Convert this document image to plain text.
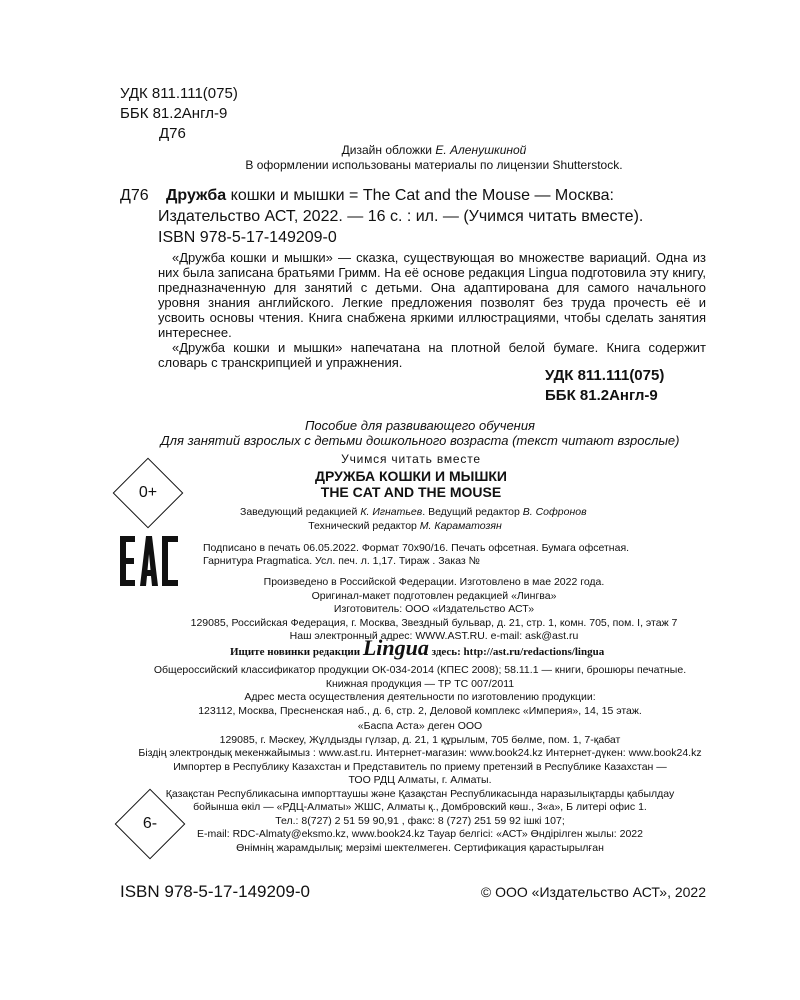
УДК 811.111(075)
ББК 81.2Англ-9
Д76
Дизайн обложки Е. Аленушкиной
В оформлении использованы материалы по лицензии Shutterstock.
Д76 Дружба кошки и мышки = The Cat and the Mouse — Москва:
Издательство АСТ, 2022. — 16 с. : ил. — (Учимся читать вместе).
ISBN 978-5-17-149209-0

«Дружба кошки и мышки» — сказка, существующая во множестве вариаций. Одна из них была записана братьями Гримм. На её основе редакция Lingua подготовила эту книгу, предназначенную для занятий с детьми. Она адаптирована для самого начального уровня знания английского. Легкие предложения позволят без труда прочесть её и усвоить основы чтения. Книга снабжена яркими иллюстрациями, чтобы сделать занятия интереснее.

«Дружба кошки и мышки» напечатана на плотной белой бумаге. Книга содержит словарь с транскрипцией и упражнения.

УДК 811.111(075)
ББК 81.2Англ-9
Пособие для развивающего обучения
Для занятий взрослых с детьми дошкольного возраста (текст читают взрослые)
Учимся читать вместе
ДРУЖБА КОШКИ И МЫШКИ
THE CAT AND THE MOUSE
0+
Заведующий редакцией К. Игнатьев. Ведущий редактор В. Софронов
Технический редактор М. Караматозян
Подписано в печать 06.05.2022. Формат 70х90/16. Печать офсетная. Бумага офсетная.
Гарнитура Pragmatica. Усл. печ. л. 1,17. Тираж . Заказ №
Произведено в Российской Федерации. Изготовлено в мае 2022 года.
Оригинал-макет подготовлен редакцией «Лингва»
Изготовитель: ООО «Издательство АСТ»
129085, Российская Федерация, г. Москва, Звездный бульвар, д. 21, стр. 1, комн. 705, пом. I, этаж 7
Наш электронный адрес: WWW.AST.RU. e-mail: ask@ast.ru
Ищите новинки редакции Lingua здесь: http://ast.ru/redactions/lingua
Общероссийский классификатор продукции ОК-034-2014 (КПЕС 2008); 58.11.1 — книги, брошюры печатные.
Книжная продукция — ТР ТС 007/2011
Адрес места осуществления деятельности по изготовлению продукции:
123112, Москва, Пресненская наб., д. 6, стр. 2, Деловой комплекс «Империя», 14, 15 этаж.
«Баспа Аста» деген ООО
129085, г. Мәскеу, Жұлдызды гүлзар, д. 21, 1 құрылым, 705 бөлме, пом. 1, 7-қабат
Біздің электрондық мекенжайымыз : www.ast.ru. Интернет-магазин: www.book24.kz Интернет-дүкен: www.book24.kz
Импортер в Республику Казахстан и Представитель по приему претензий в Республике Казахстан —
ТОО РДЦ Алматы, г. Алматы.
Қазақстан Республикасына импорттаушы және Қазақстан Республикасында наразылықтарды қабылдау
бойынша өкіл — «РДЦ-Алматы» ЖШС, Алматы қ., Домбровский көш., 3«а», Б литері офис 1.
Тел.: 8(727) 2 51 59 90,91 , факс: 8 (727) 251 59 92 ішкі 107;
E-mail: RDC-Almaty@eksmo.kz, www.book24.kz Тауар белгісі: «АСТ» Өндірілген жылы: 2022
Өнімнің жарамдылық; мерзімі шектелмеген. Сертификация қарастырылған
6-
ISBN 978-5-17-149209-0	© ООО «Издательство АСТ», 2022
